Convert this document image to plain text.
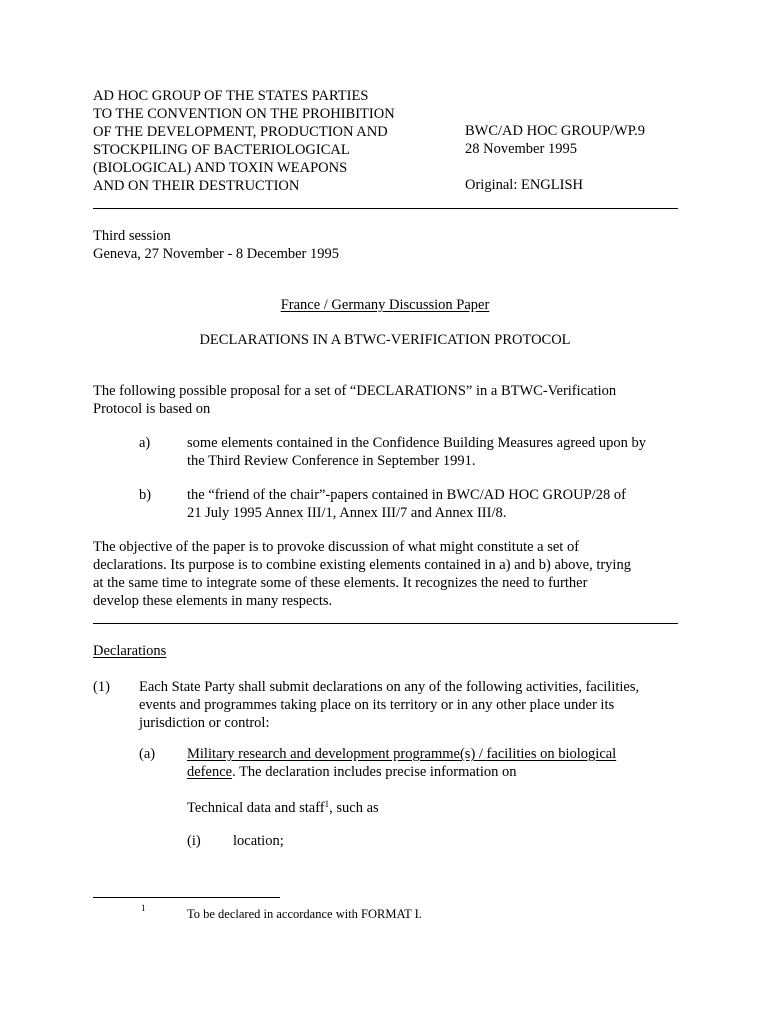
AD HOC GROUP OF THE STATES PARTIES
TO THE CONVENTION ON THE PROHIBITION
OF THE DEVELOPMENT, PRODUCTION AND
STOCKPILING OF BACTERIOLOGICAL
(BIOLOGICAL) AND TOXIN WEAPONS
AND ON THEIR DESTRUCTION
BWC/AD HOC GROUP/WP.9
28 November 1995
Original: ENGLISH
Third session
Geneva, 27 November - 8 December 1995
France / Germany Discussion Paper
DECLARATIONS IN A BTWC-VERIFICATION PROTOCOL
The following possible proposal for a set of “DECLARATIONS” in a BTWC-Verification
Protocol is based on
a)	some elements contained in the Confidence Building Measures agreed upon by
the Third Review Conference in September 1991.
b) the “friend of the chair”-papers contained in BWC/AD HOC GROUP/28 of
21 July 1995 Annex III/1, Annex III/7 and Annex III/8.
The objective of the paper is to provoke discussion of what might constitute a set of
declarations. Its purpose is to combine existing elements contained in a) and b) above, trying
at the same time to integrate some of these elements. It recognizes the need to further
develop these elements in many respects.
Declarations
(1) Each State Party shall submit declarations on any of the following activities, facilities,
events and programmes taking place on its territory or in any other place under its
jurisdiction or control:
(a) Military research and development programme(s) / facilities on biological
defence. The declaration includes precise information on
Technical data and staff$^1$, such as
(i) location;
1	To be declared in accordance with FORMAT I.
